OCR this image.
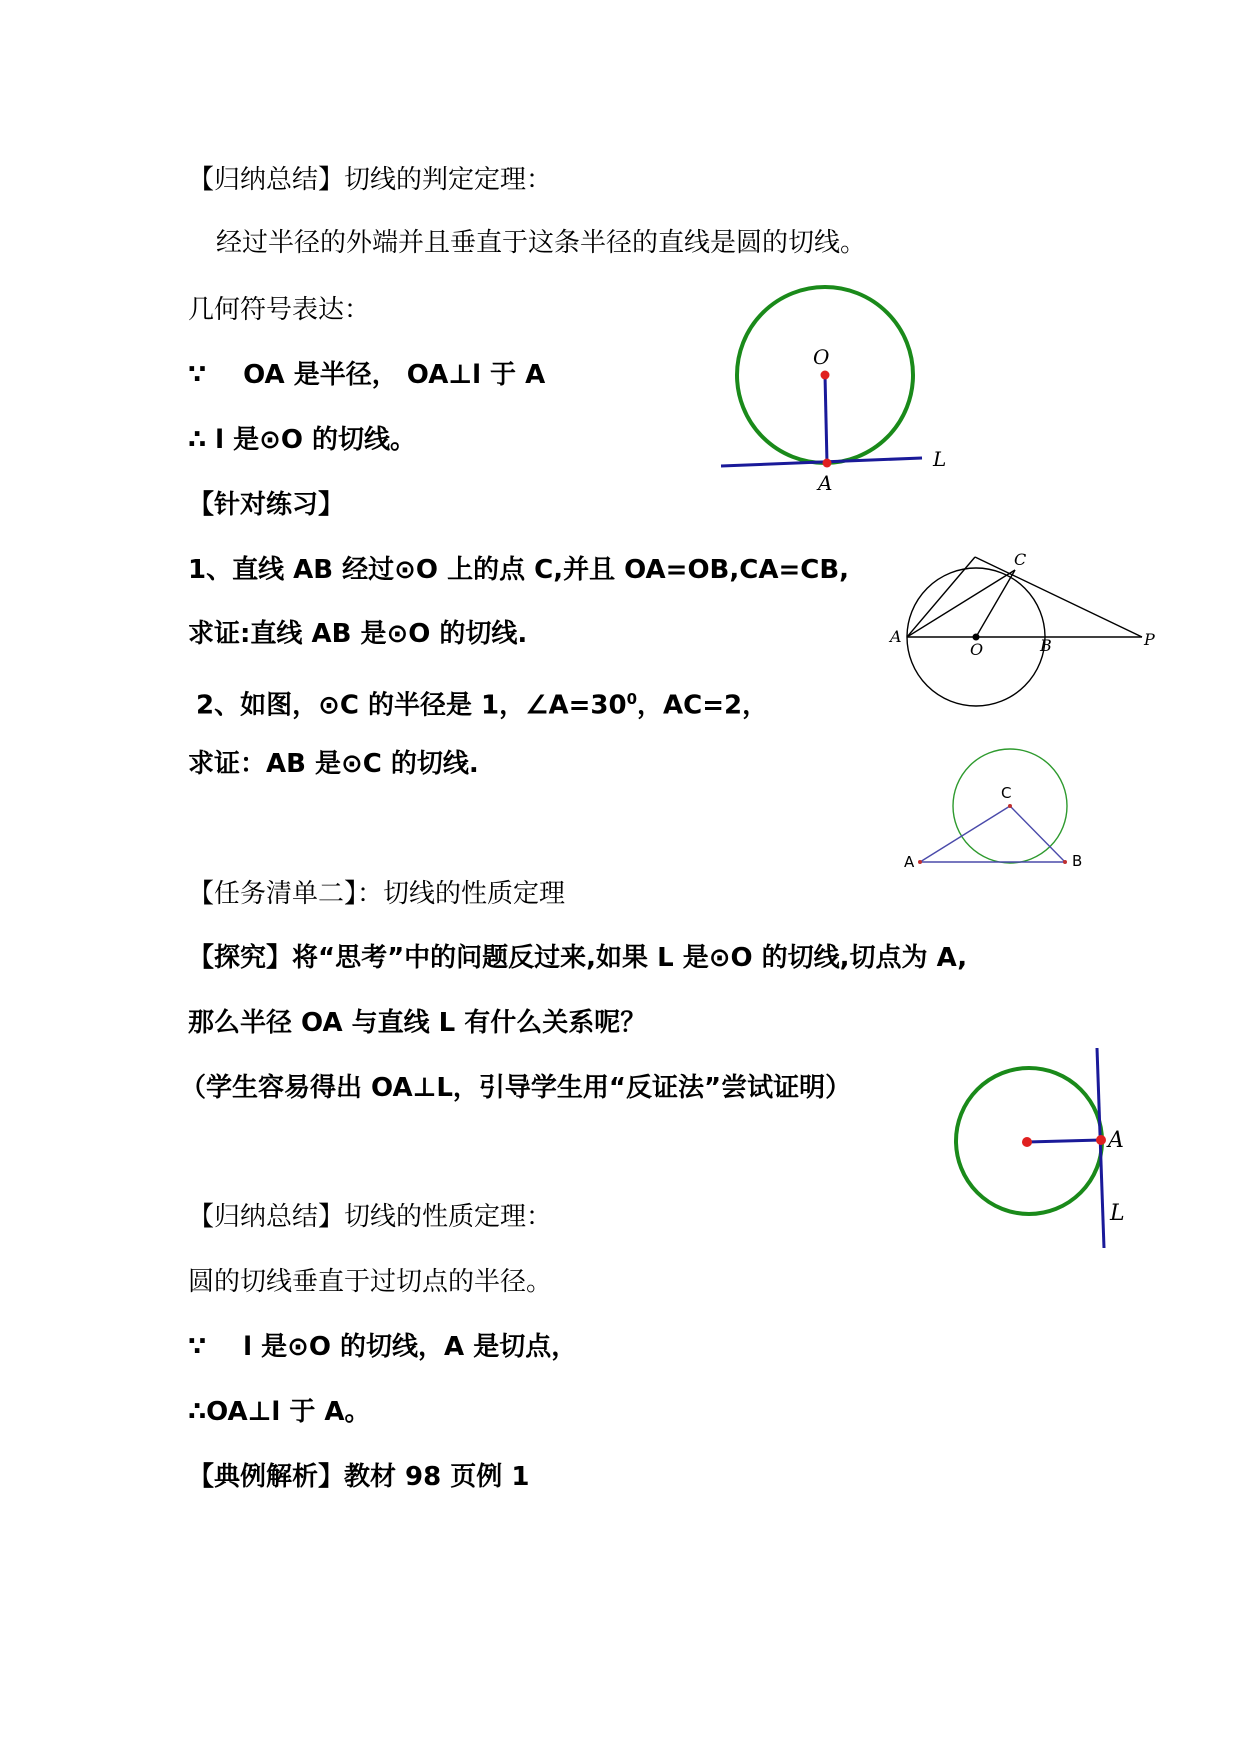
【归纳总结】切线的判定定理：
经过半径的外端并且垂直于这条半径的直线是圆的切线。
几何符号表达：
∵ OA 是半径， OA⊥l 于 A
∴ l 是⊙O 的切线。
【针对练习】
1、直线 AB 经过⊙O 上的点 C,并且 OA=OB,CA=CB,
求证:直线 AB 是⊙O 的切线.
2、如图，⊙C 的半径是 1，$\angle A=30^0$，AC=2，
求证：AB 是⊙C 的切线.
【任务清单二】：切线的性质定理
【探究】将“思考”中的问题反过来,如果 L 是⊙O 的切线,切点为 A,
那么半径 OA 与直线 L 有什么关系呢？
（学生容易得出 OA⊥L，引导学生用“反证法”尝试证明）
【归纳总结】切线的性质定理：
圆的切线垂直于过切点的半径。
∵ l 是⊙O 的切线，A 是切点，
∴OA⊥l 于 A。
【典例解析】教材 98 页例 1
O
A
L
A
O	B
C
P
C
A	B
A
L
